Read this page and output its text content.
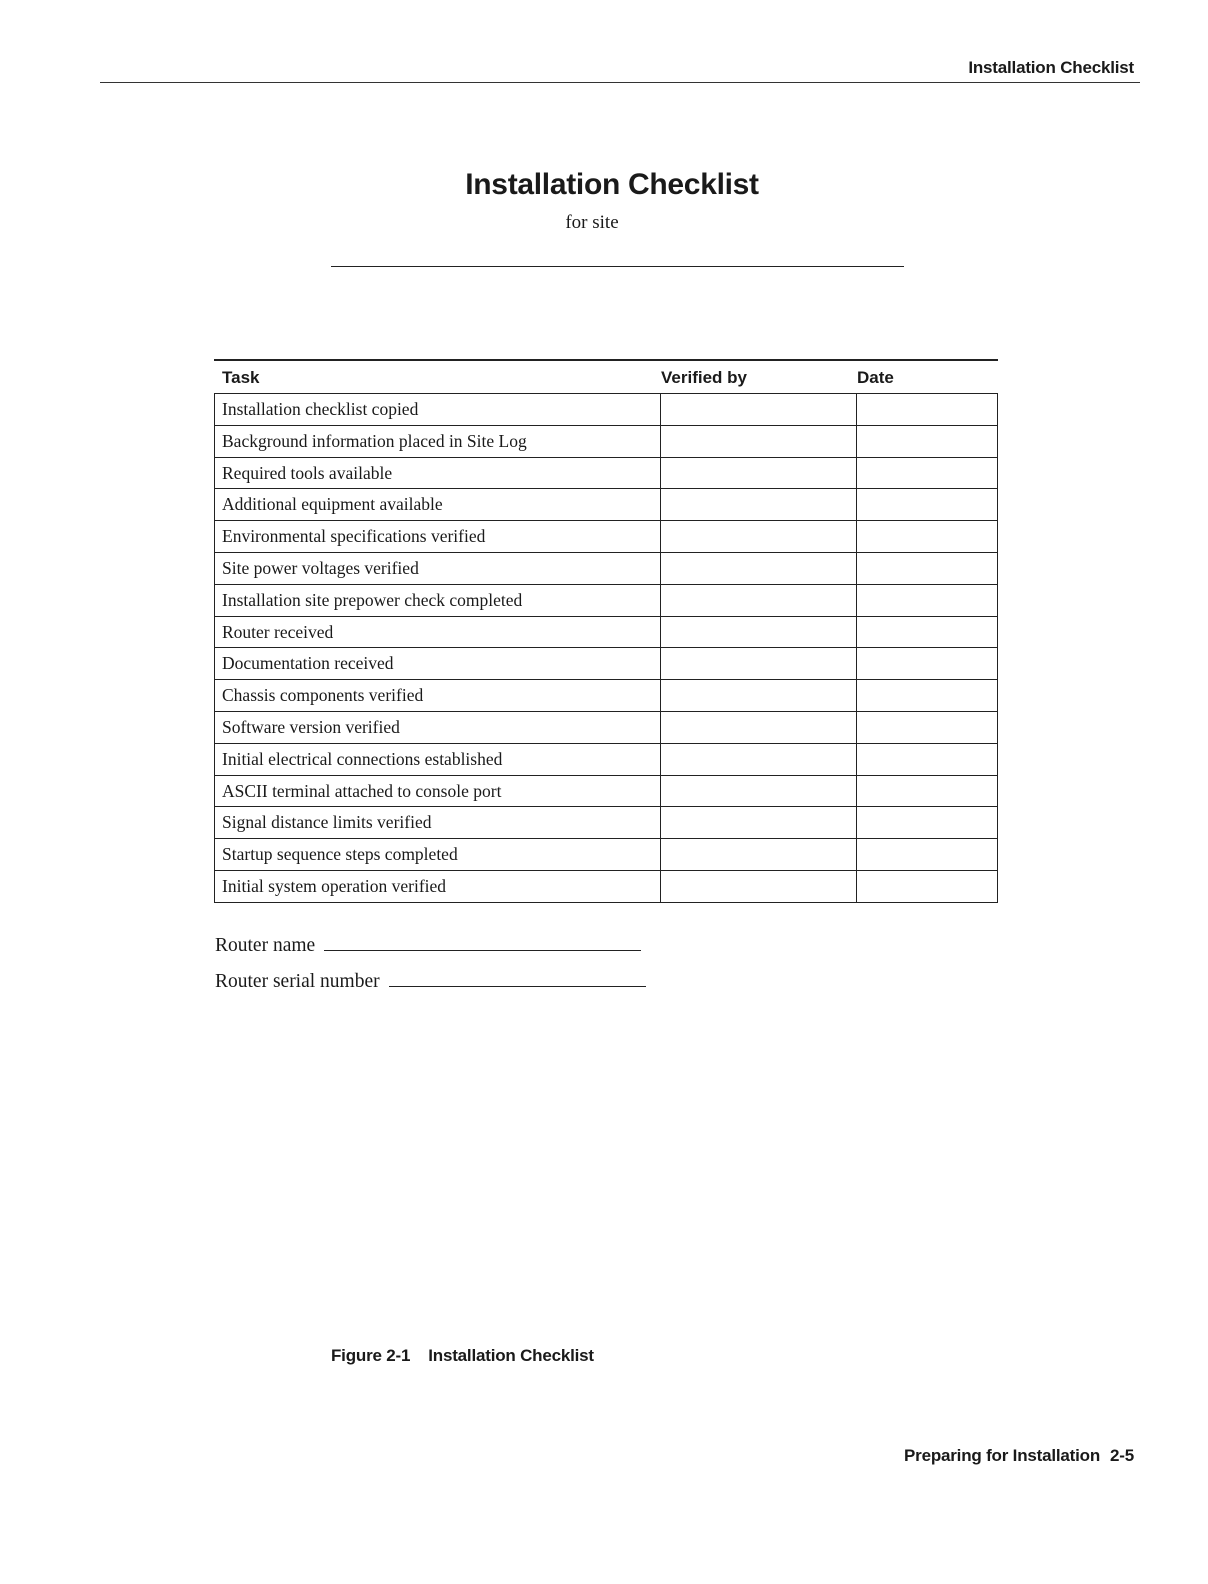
Installation Checklist
Installation Checklist
for site
Task	Verified by	Date
Installation checklist copied
Background information placed in Site Log
Required tools available
Additional equipment available
Environmental specifications verified
Site power voltages verified
Installation site prepower check completed
Router received
Documentation received
Chassis components verified
Software version verified
Initial electrical connections established
ASCII terminal attached to console port
Signal distance limits verified
Startup sequence steps completed
Initial system operation verified
Router name
Router serial number
Figure 2-1 Installation Checklist
Preparing for Installation 2-5
